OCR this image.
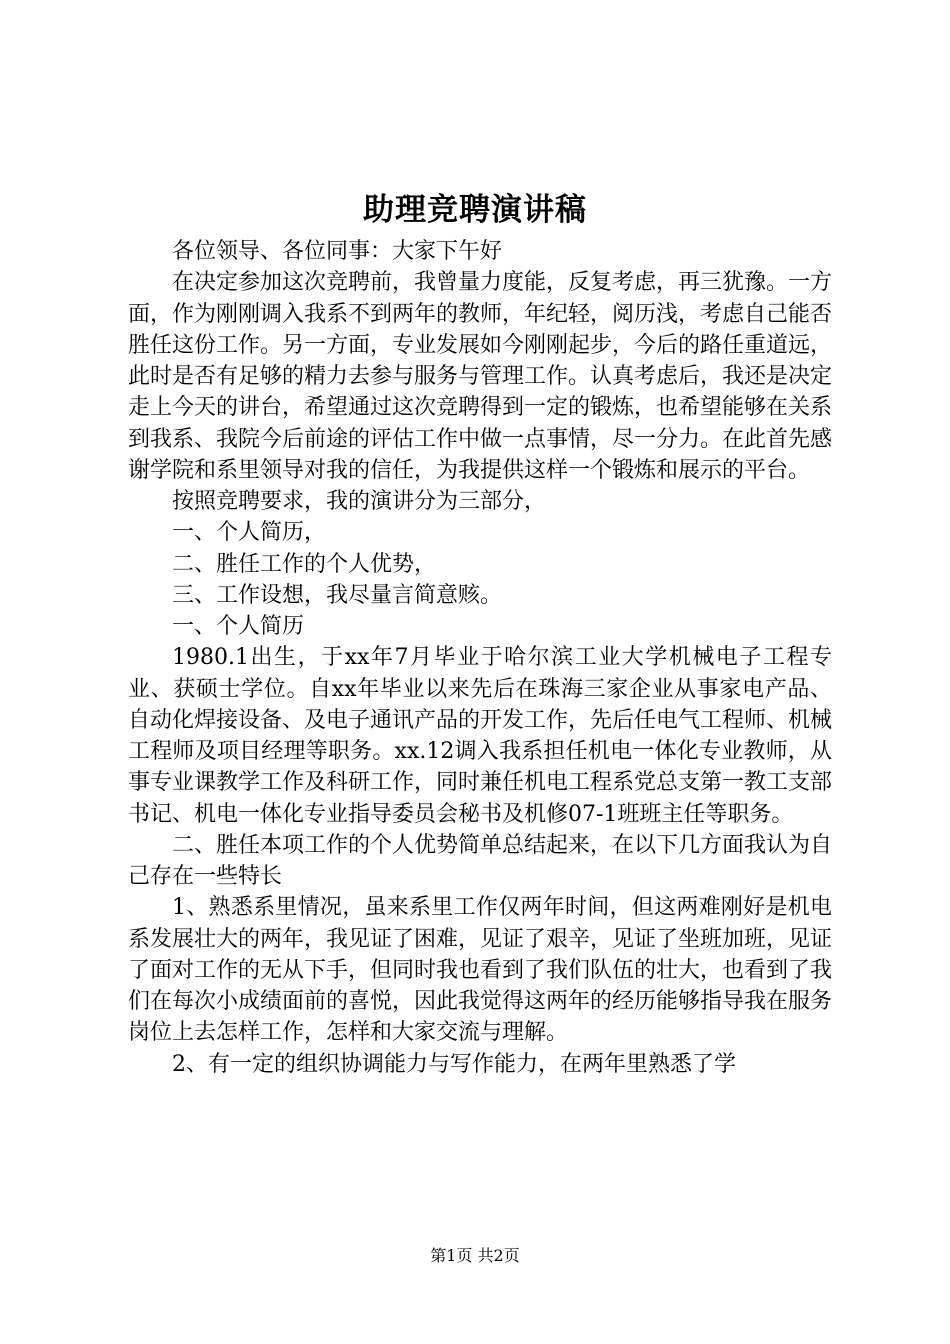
助理竞聘演讲稿

各位领导、各位同事：大家下午好

在决定参加这次竞聘前，我曾量力度能，反复考虑，再三犹豫。一方面，作为刚刚调入我系不到两年的教师，年纪轻，阅历浅，考虑自己能否胜任这份工作。另一方面，专业发展如今刚刚起步，今后的路任重道远，此时是否有足够的精力去参与服务与管理工作。认真考虑后，我还是决定走上今天的讲台，希望通过这次竞聘得到一定的锻炼，也希望能够在关系到我系、我院今后前途的评估工作中做一点事情，尽一分力。在此首先感谢学院和系里领导对我的信任，为我提供这样一个锻炼和展示的平台。

按照竞聘要求，我的演讲分为三部分，

一、个人简历，

二、胜任工作的个人优势，

三、工作设想，我尽量言简意赅。

一、个人简历

1980.1出生，于xx年7月毕业于哈尔滨工业大学机械电子工程专业、获硕士学位。自xx年毕业以来先后在珠海三家企业从事家电产品、自动化焊接设备、及电子通讯产品的开发工作，先后任电气工程师、机械工程师及项目经理等职务。xx.12调入我系担任机电一体化专业教师，从事专业课教学工作及科研工作，同时兼任机电工程系党总支第一教工支部书记、机电一体化专业指导委员会秘书及机修07-1班班主任等职务。

二、胜任本项工作的个人优势简单总结起来，在以下几方面我认为自己存在一些特长

1、熟悉系里情况，虽来系里工作仅两年时间，但这两难刚好是机电系发展壮大的两年，我见证了困难，见证了艰辛，见证了坐班加班，见证了面对工作的无从下手，但同时我也看到了我们队伍的壮大，也看到了我们在每次小成绩面前的喜悦，因此我觉得这两年的经历能够指导我在服务岗位上去怎样工作，怎样和大家交流与理解。

2、有一定的组织协调能力与写作能力，在两年里熟悉了学

第1页 共2页
